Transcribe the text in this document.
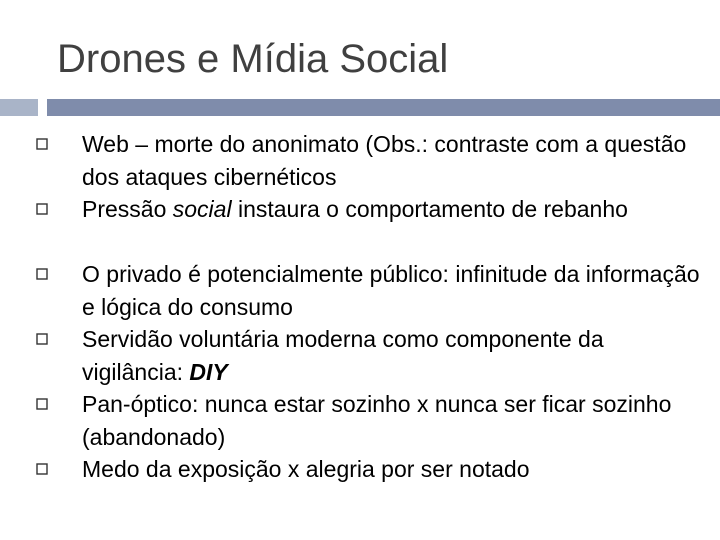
Drones e Mídia Social

Web – morte do anonimato (Obs.: contraste com a questão dos ataques cibernéticos

Pressão social instaura o comportamento de rebanho

O privado é potencialmente público: infinitude da informação e lógica do consumo

Servidão voluntária moderna como componente da vigilância: DIY

Pan-óptico: nunca estar sozinho x nunca ser ficar sozinho (abandonado)

Medo da exposição x alegria por ser notado
